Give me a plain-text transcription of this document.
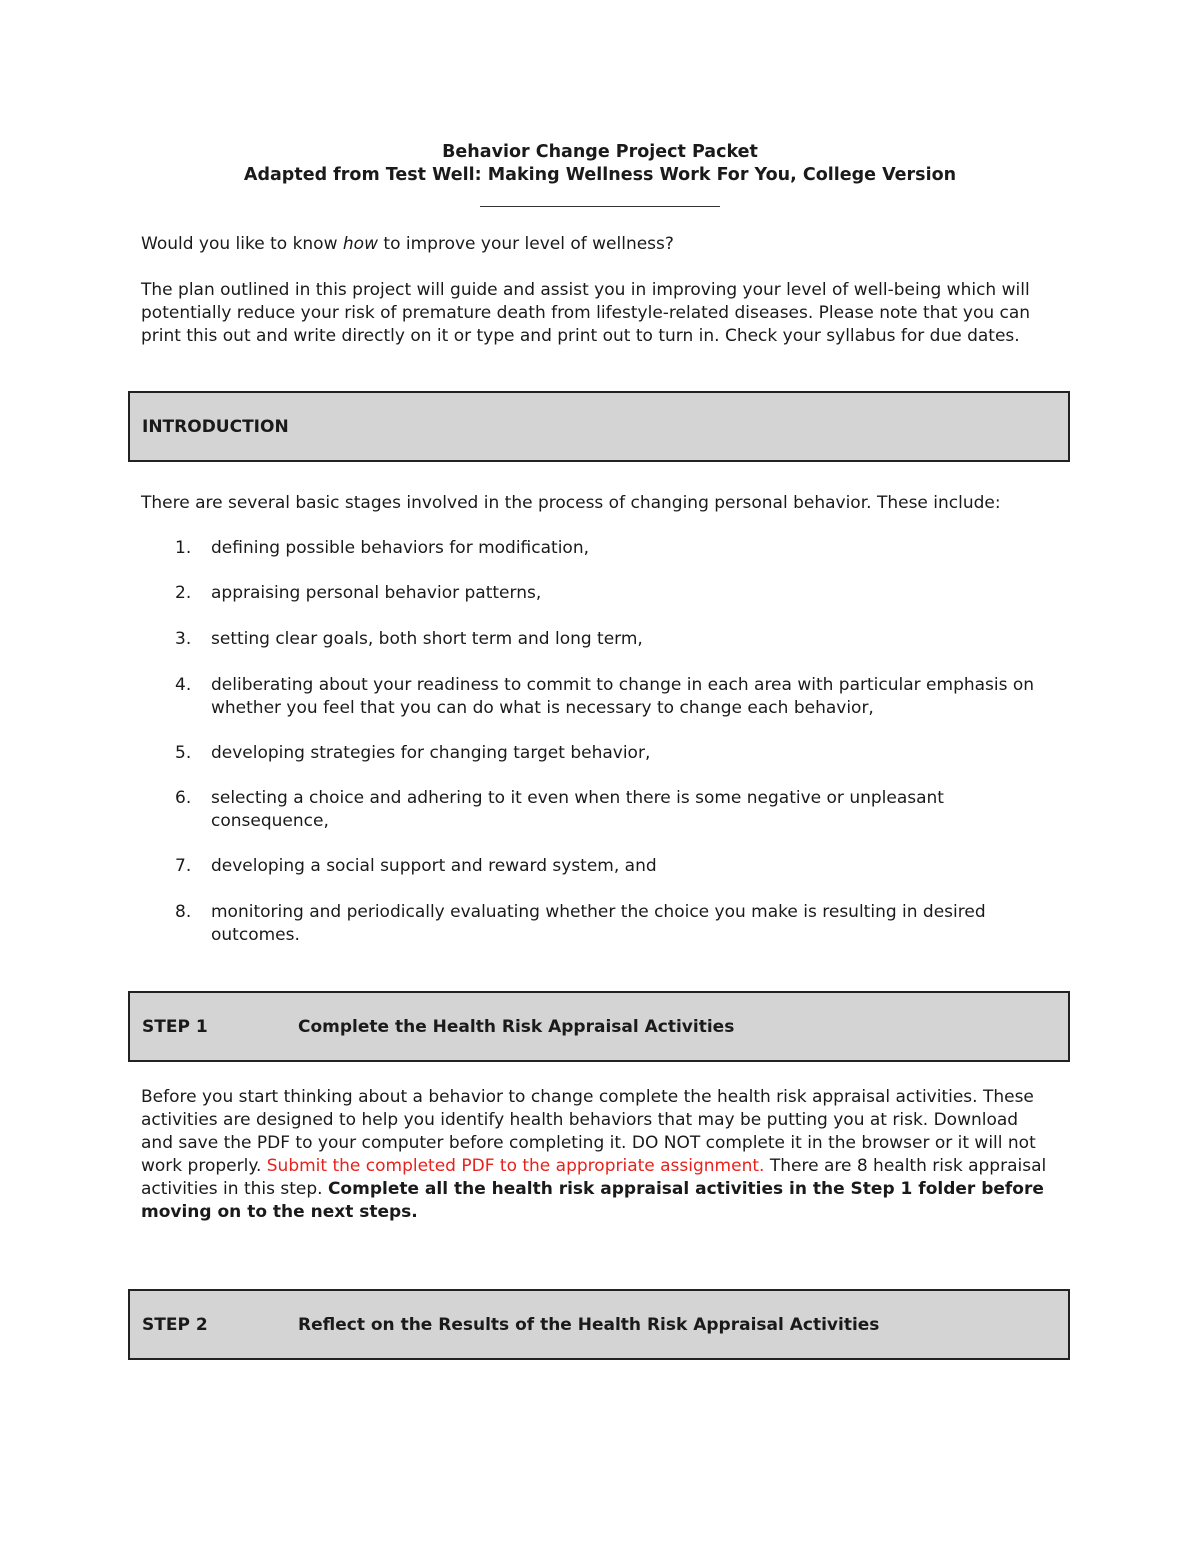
Behavior Change Project Packet
Adapted from Test Well: Making Wellness Work For You, College Version

Would you like to know how to improve your level of wellness?

The plan outlined in this project will guide and assist you in improving your level of well-being which will potentially reduce your risk of premature death from lifestyle-related diseases. Please note that you can print this out and write directly on it or type and print out to turn in. Check your syllabus for due dates.

INTRODUCTION

There are several basic stages involved in the process of changing personal behavior. These include:

1. defining possible behaviors for modification,
2. appraising personal behavior patterns,
3. setting clear goals, both short term and long term,
4. deliberating about your readiness to commit to change in each area with particular emphasis on whether you feel that you can do what is necessary to change each behavior,
5. developing strategies for changing target behavior,
6. selecting a choice and adhering to it even when there is some negative or unpleasant consequence,
7. developing a social support and reward system, and
8. monitoring and periodically evaluating whether the choice you make is resulting in desired outcomes.
STEP 1	Complete the Health Risk Appraisal Activities

Before you start thinking about a behavior to change complete the health risk appraisal activities. These activities are designed to help you identify health behaviors that may be putting you at risk. Download and save the PDF to your computer before completing it. DO NOT complete it in the browser or it will not work properly. Submit the completed PDF to the appropriate assignment. There are 8 health risk appraisal activities in this step. Complete all the health risk appraisal activities in the Step 1 folder before moving on to the next steps.

STEP 2	Reflect on the Results of the Health Risk Appraisal Activities
